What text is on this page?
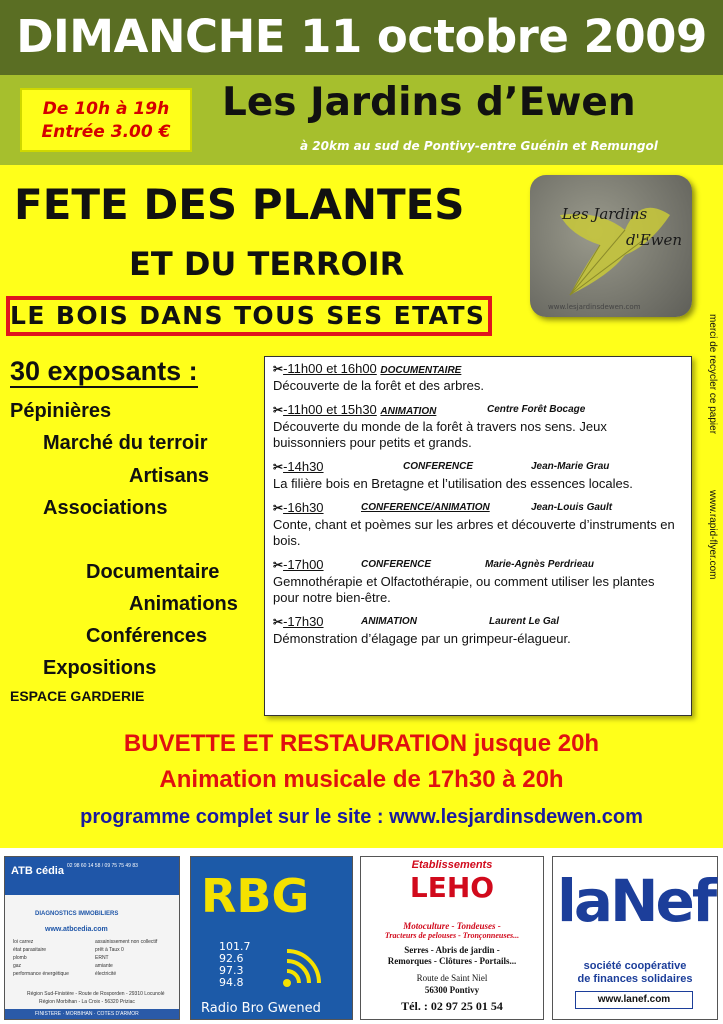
DIMANCHE 11 octobre 2009
De 10h à 19h
Entrée 3.00 €
Les Jardins d’Ewen
à 20km au sud de Pontivy-entre Guénin et Remungol
FETE DES PLANTES
ET DU TERROIR
LE BOIS DANS TOUS SES ETATS
Les Jardins
d'Ewen
www.lesjardinsdewen.com
merci de recycler ce papier
www.rapid-flyer.com
30 exposants :
Pépinières
Marché du terroir
Artisans
Associations
Documentaire
Animations
Conférences
Expositions
ESPACE GARDERIE
✂-11h00 et 16h00 DOCUMENTAIRE
Découverte de la forêt et des arbres.
✂-11h00 et 15h30 ANIMATION	Centre Forêt Bocage
Découverte du monde de la forêt à travers nos sens. Jeux buissonniers pour petits et grands.
✂-14h30	CONFERENCE	Jean-Marie Grau
La filière bois en Bretagne et l’utilisation des essences locales.
✂-16h30	CONFERENCE/ANIMATION	Jean-Louis Gault
Conte, chant et poèmes sur les arbres et découverte d’instruments en bois.
✂-17h00	CONFERENCE	Marie-Agnès Perdrieau
Gemnothérapie et Olfactothérapie, ou comment utiliser les plantes pour notre bien-être.
✂-17h30	ANIMATION	Laurent Le Gal
Démonstration d’élagage par un grimpeur-élagueur.
BUVETTE ET RESTAURATION jusque 20h
Animation musicale de 17h30 à 20h
programme complet sur le site : www.lesjardinsdewen.com
ATB cédia 02 98 60 14 58 / 09 75 75 49 83
DIAGNOSTICS IMMOBILIERS
www.atbcedia.com
loi carrez
état parasitaire
plomb
gaz
performance énergétique
assainissement non collectif
prêt à Taux 0
ERNT
amiante
électricité
Région Sud-Finistère - Route de Rosporden - 29310 Locunolé
Région Morbihan - La Croix - 56320 Priziac
FINISTERE · MORBIHAN · COTES D'ARMOR
RBG
101.7
92.6
97.3
94.8
Radio Bro Gwened
Etablissements
LEHO
Motoculture - Tondeuses -
Tracteurs de pelouses - Tronçonneuses...
Serres - Abris de jardin -
Remorques - Clôtures - Portails...
Route de Saint Niel
56300 Pontivy
Tél. : 02 97 25 01 54
laNef
société coopérative
de finances solidaires
www.lanef.com
